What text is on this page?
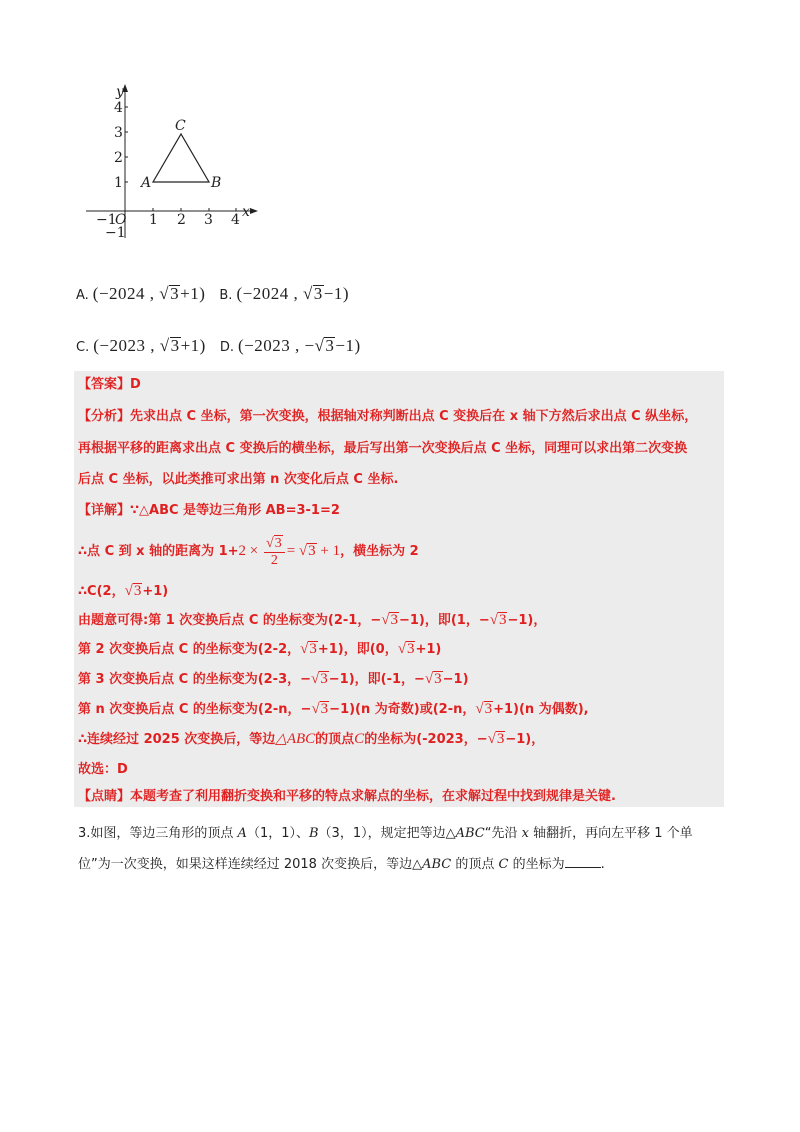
y
x
O
−1 1 2 3 4
1
2
3
4
−1
A	B
C
A. (−2024 , √3+1) B. (−2024 , √3−1)
C. (−2023 , √3+1) D. (−2023 , −√3−1)
【答案】D
【分析】先求出点 C 坐标，第一次变换，根据轴对称判断出点 C 变换后在 x 轴下方然后求出点 C 纵坐标，
再根据平移的距离求出点 C 变换后的横坐标，最后写出第一次变换后点 C 坐标，同理可以求出第二次变换
后点 C 坐标，以此类推可求出第 n 次变化后点 C 坐标.
【详解】∵△ABC 是等边三角形 AB=3-1=2
∴点 C 到 x 轴的距离为 $1+2 \times \frac{√3}{2} = √3 + 1$，横坐标为 2
∴C(2，√3+1)
由题意可得:第 1 次变换后点 C 的坐标变为(2-1，−√3−1)，即(1，−√3−1)，
第 2 次变换后点 C 的坐标变为(2-2，√3+1)，即(0，√3+1)
第 3 次变换后点 C 的坐标变为(2-3，−√3−1)，即(-1，−√3−1)
第 n 次变换后点 C 的坐标变为(2-n，−√3−1)(n 为奇数)或(2-n，√3+1)(n 为偶数),
∴连续经过 2025 次变换后，等边△ABC的顶点C的坐标为(-2023，−√3−1)，
故选：D
【点睛】本题考查了利用翻折变换和平移的特点求解点的坐标，在求解过程中找到规律是关键.
3.如图，等边三角形的顶点 A（1，1）、B（3，1），规定把等边△ABC“先沿 x 轴翻折，再向左平移 1 个单
位”为一次变换，如果这样连续经过 2018 次变换后，等边△ABC 的顶点 C 的坐标为	.
